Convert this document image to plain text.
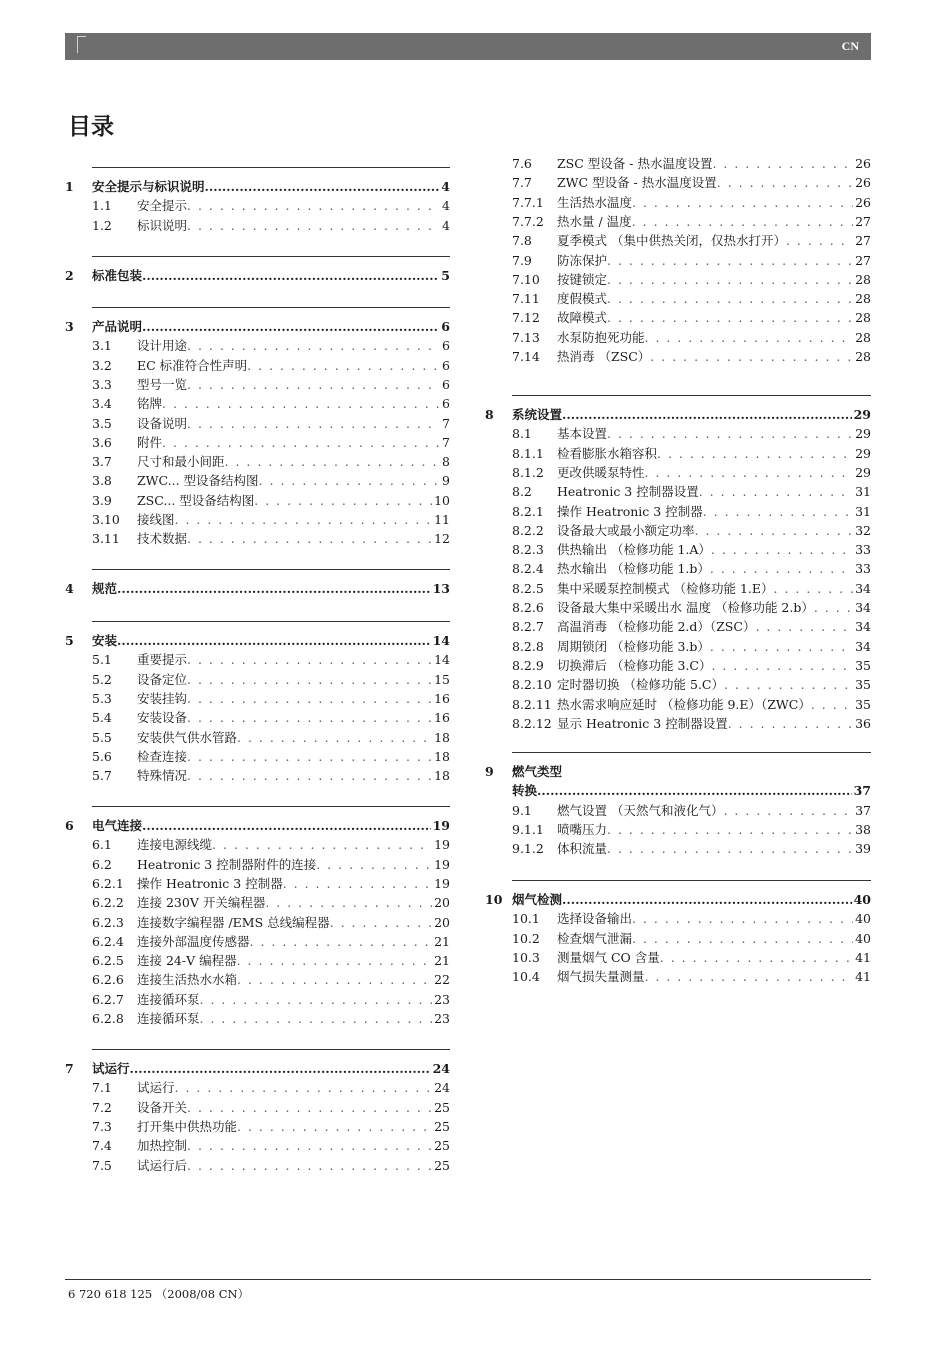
CN
目录
1	安全提示与标识说明 .....	4
1.1	安全提示 . . .	4
1.2	标识说明 . . .	4
2	标准包装 .....	5
3	产品说明 .....	6
3.1	设计用途 . . .	6
3.2	EC 标准符合性声明 . . .	6
3.3	型号一览 . . .	6
3.4	铭牌 . . .	6
3.5	设备说明 . . .	7
3.6	附件 . . .	7
3.7	尺寸和最小间距 . . .	8
3.8	ZWC... 型设备结构图 . . .	9
3.9	ZSC... 型设备结构图 . . .	10
3.10	接线图 . . .	11
3.11	技术数据 . . .	12
4	规范 .....	13
5	安装 .....	14
5.1	重要提示 . . .	14
5.2	设备定位 . . .	15
5.3	安装挂钩 . . .	16
5.4	安装设备 . . .	16
5.5	安装供气供水管路 . . .	18
5.6	检查连接 . . .	18
5.7	特殊情况 . . .	18
6	电气连接 .....	19
6.1	连接电源线缆 . . .	19
6.2	Heatronic 3 控制器附件的连接 . . .	19
6.2.1	操作 Heatronic 3 控制器 . . .	19
6.2.2	连接 230V 开关编程器 . . .	20
6.2.3	连接数字编程器 /EMS 总线编程器 . . .	20
6.2.4	连接外部温度传感器 . . .	21
6.2.5	连接 24-V 编程器 . . .	21
6.2.6	连接生活热水水箱 . . .	22
6.2.7	连接循环泵 . . .	23
6.2.8	连接循环泵 . . .	23
7	试运行 .....	24
7.1	试运行 . . .	24
7.2	设备开关 . . .	25
7.3	打开集中供热功能 . . .	25
7.4	加热控制 . . .	25
7.5	试运行后 . . .	25
7.6	ZSC 型设备 - 热水温度设置 . . .	26
7.7	ZWC 型设备 - 热水温度设置 . . .	26
7.7.1	生活热水温度 . . .	26
7.7.2	热水量 / 温度 . . .	27
7.8	夏季模式 （集中供热关闭，仅热水打开） . . .	27
7.9	防冻保护 . . .	27
7.10	按键锁定 . . .	28
7.11	度假模式 . . .	28
7.12	故障模式 . . .	28
7.13	水泵防抱死功能 . . .	28
7.14	热消毒 （ZSC） . . .	28
8	系统设置 .....	29
8.1	基本设置 . . .	29
8.1.1	检看膨胀水箱容积 . . .	29
8.1.2	更改供暖泵特性 . . .	29
8.2	Heatronic 3 控制器设置 . . .	31
8.2.1	操作 Heatronic 3 控制器 . . .	31
8.2.2	设备最大或最小额定功率 . . .	32
8.2.3	供热输出 （检修功能 1.A） . . .	33
8.2.4	热水输出 （检修功能 1.b） . . .	33
8.2.5	集中采暖泵控制模式 （检修功能 1.E） . . .	34
8.2.6	设备最大集中采暖出水 温度 （检修功能 2.b） . . .	34
8.2.7	高温消毒 （检修功能 2.d）（ZSC） . . .	34
8.2.8	周期锁闭 （检修功能 3.b） . . .	34
8.2.9	切换滞后 （检修功能 3.C） . . .	35
8.2.10 定时器切换 （检修功能 5.C） . . .	35
8.2.11 热水需求响应延时 （检修功能 9.E）（ZWC） . . .	35
8.2.12 显示 Heatronic 3 控制器设置 . . .	36
9	燃气类型
转换 .....	37
9.1	燃气设置 （天然气和液化气） . . .	37
9.1.1	喷嘴压力 . . .	38
9.1.2	体积流量 . . .	39
10 烟气检测 .....	40
10.1	选择设备输出 . . .	40
10.2	检查烟气泄漏 . . .	40
10.3	测量烟气 CO 含量 . . .	41
10.4	烟气损失量测量 . . .	41
6 720 618 125 （2008/08 CN）
